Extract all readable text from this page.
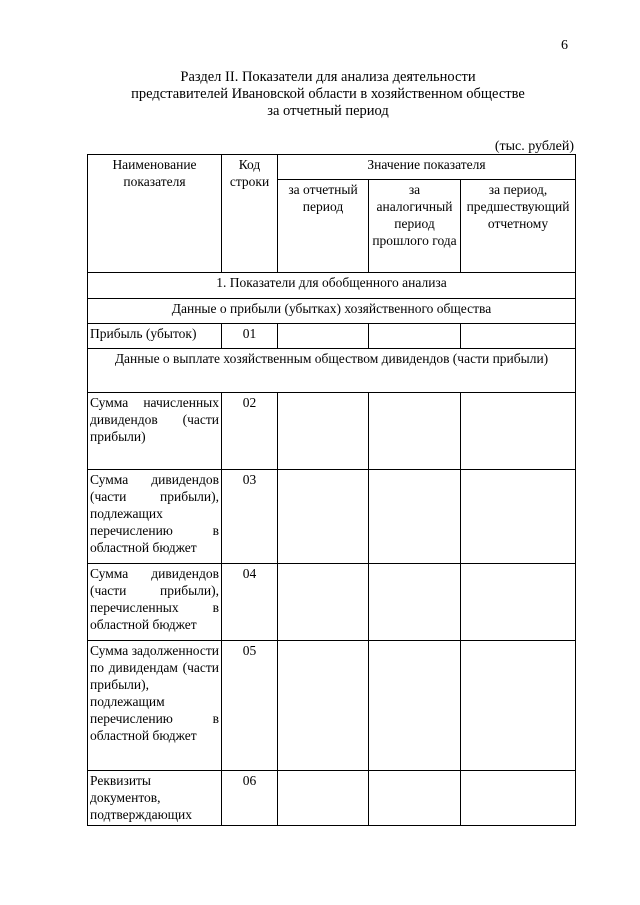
6
Раздел II. Показатели для анализа деятельности
представителей Ивановской области в хозяйственном обществе
за отчетный период
(тыс. рублей)
Наименование показателя	Код строки	Значение показателя		
		за отчетный период	за аналогичный период прошлого года	за период, предшествующий отчетному
1. Показатели для обобщенного анализа				
Данные о прибыли (убытках) хозяйственного общества				
Прибыль (убыток)	01			
Данные о выплате хозяйственным обществом дивидендов (части прибыли)				
Сумма начисленных дивидендов (части прибыли)	02			
Сумма дивидендов (части прибыли), подлежащих перечислению в областной бюджет	03			
Сумма дивидендов (части прибыли), перечисленных в областной бюджет	04			
Сумма задолженности по дивидендам (части прибыли), подлежащим перечислению в областной бюджет	05			
Реквизиты документов, подтверждающих	06			
